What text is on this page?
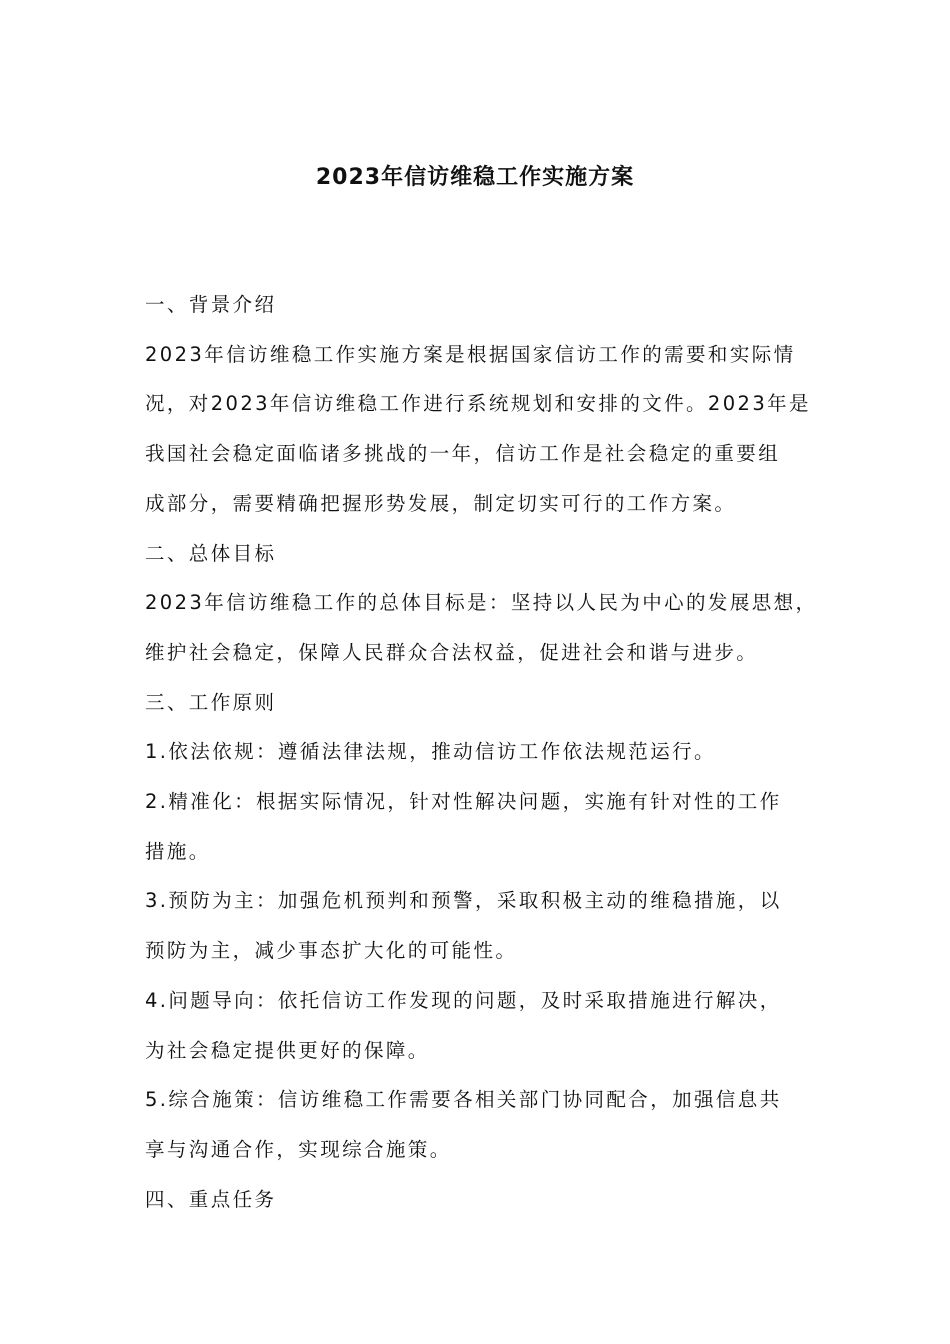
2023年信访维稳工作实施方案

一、背景介绍

2023年信访维稳工作实施方案是根据国家信访工作的需要和实际情
况，对2023年信访维稳工作进行系统规划和安排的文件。2023年是
我国社会稳定面临诸多挑战的一年，信访工作是社会稳定的重要组
成部分，需要精确把握形势发展，制定切实可行的工作方案。

二、总体目标

2023年信访维稳工作的总体目标是：坚持以人民为中心的发展思想，
维护社会稳定，保障人民群众合法权益，促进社会和谐与进步。

三、工作原则

1.依法依规：遵循法律法规，推动信访工作依法规范运行。

2.精准化：根据实际情况，针对性解决问题，实施有针对性的工作
措施。

3.预防为主：加强危机预判和预警，采取积极主动的维稳措施，以
预防为主，减少事态扩大化的可能性。

4.问题导向：依托信访工作发现的问题，及时采取措施进行解决，
为社会稳定提供更好的保障。

5.综合施策：信访维稳工作需要各相关部门协同配合，加强信息共
享与沟通合作，实现综合施策。

四、重点任务
